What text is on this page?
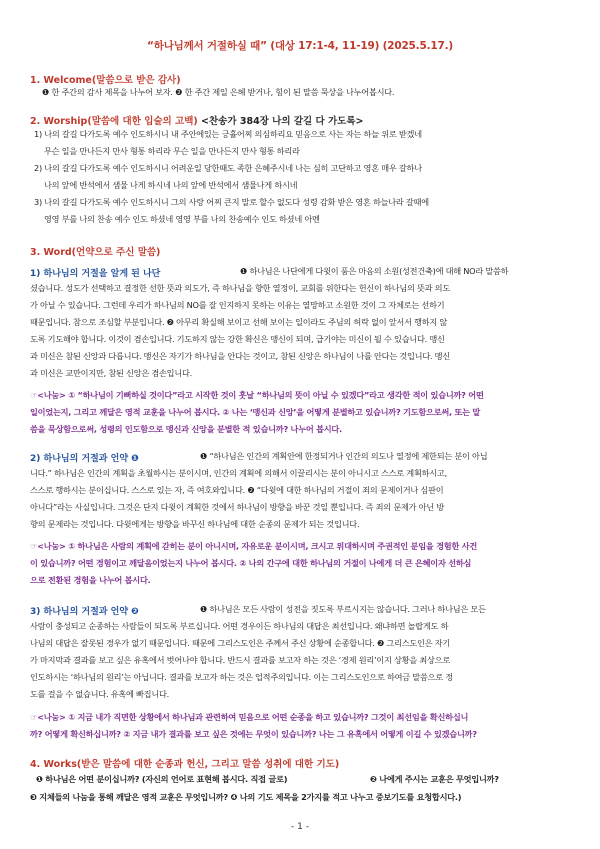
“하나님께서 거절하실 때” (대상 17:1-4, 11-19) (2025.5.17.)
1. Welcome(말씀으로 받은 감사)
❶ 한 주간의 감사 제목을 나누어 보자. ❷ 한 주간 제일 은혜 받거나, 힘이 된 말씀 묵상을 나누어봅시다.
2. Worship(말씀에 대한 입술의 고백) <찬송가 384장 나의 갈길 다 가도록>
1) 나의 갈길 다가도록 예수 인도하시니 내 주안에있는 긍휼어찌 의심하리요 믿음으로 사는 자는 하늘 위로 받겠네
무슨 일을 만나든지 만사 형통 하리라 무슨 일을 만나든지 만사 형통 하리라
2) 나의 갈길 다가도록 예수 인도하시니 어려운일 당한때도 족한 은혜주시네 나는 심히 고단하고 영혼 매우 갈하나
나의 앞에 반석에서 샘물 나게 하시네 나의 앞에 반석에서 샘물나게 하시네
3) 나의 갈길 다가도록 예수 인도하시니 그의 사랑 어찌 큰지 말로 할수 없도다 성령 감화 받은 영혼 하늘나라 갈때에
영영 부를 나의 찬송 예수 인도 하셨네 영영 부를 나의 찬송예수 인도 하셨네 아멘
3. Word(언약으로 주신 말씀)
1) 하나님의 거절을 알게 된 나단	❶ 하나님은 나단에게 다윗이 품은 마음의 소원(성전건축)에 대해 NO라 말씀하
셨습니다. 성도가 선택하고 결정한 선한 뜻과 의도가, 즉 하나님을 향한 열정이, 교회를 위한다는 헌신이 하나님의 뜻과 의도
가 아닐 수 있습니다. 그런데 우리가 하나님의 NO를 잘 인지하지 못하는 이유는 열망하고 소원한 것이 그 자체로는 선하기
때문입니다. 참으로 조심할 부분입니다. ❷ 아무리 확실해 보이고 선해 보이는 일이라도 주님의 허락 없이 앞서서 행하지 않
도록 기도해야 합니다. 이것이 겸손입니다. 기도하지 않는 강한 확신은 맹신이 되며, 급기야는 미신이 될 수 있습니다. 맹신
과 미신은 참된 신앙과 다릅니다. 맹신은 자기가 하나님을 안다는 것이고, 참된 신앙은 하나님이 나를 안다는 것입니다. 맹신
과 미신은 교만이지만, 참된 신앙은 겸손입니다.
☞<나눔> ① “하나님이 기뻐하실 것이다”라고 시작한 것이 훗날 “하나님의 뜻이 아닐 수 있겠다”라고 생각한 적이 있습니까? 어떤
일이었는지, 그리고 깨달은 영적 교훈을 나누어 봅시다. ② 나는 ‘맹신과 신앙’을 어떻게 분별하고 있습니까? 기도함으로써, 또는 말
씀을 묵상함으로써, 성령의 인도함으로 맹신과 신앙을 분별한 적 있습니까? 나누어 봅시다.
2) 하나님의 거절과 언약 ❶	❶ “하나님은 인간의 계획안에 한정되거나 인간의 의도나 열정에 제한되는 분이 아닙
니다.” 하나님은 인간의 계획을 초월하시는 분이시며, 인간의 계획에 의해서 이끌리시는 분이 아니시고 스스로 계획하시고,
스스로 행하시는 분이십니다. 스스로 있는 자, 즉 여호와입니다. ❷ “다윗에 대한 하나님의 거절이 죄의 문제이거나 심판이
아니다”라는 사실입니다. 그것은 단지 다윗이 계획한 것에서 하나님이 방향을 바꾼 것일 뿐입니다. 즉 죄의 문제가 아닌 방
향의 문제라는 것입니다. 다윗에게는 방향을 바꾸신 하나님에 대한 순종의 문제가 되는 것입니다.
☞<나눔> ① 하나님은 사람의 계획에 갇히는 분이 아니시며, 자유로운 분이시며, 크시고 위대하시며 주권적인 분임을 경험한 사건
이 있습니까? 어떤 경험이고 깨달음이었는지 나누어 봅시다. ② 나의 간구에 대한 하나님의 거절이 나에게 더 큰 은혜이자 선하심
으로 전환된 경험을 나누어 봅시다.
3) 하나님의 거절과 언약 ❷	❶ 하나님은 모든 사람이 성전을 짓도록 부르시지는 않습니다. 그러나 하나님은 모든
사람이 충성되고 순종하는 사람들이 되도록 부르십니다. 어떤 경우이든 하나님의 대답은 최선입니다. 왜냐하면 놀랍게도 하
나님의 대답은 잘못된 경우가 없기 때문입니다. 때문에 그리스도인은 주께서 주신 상황에 순종합니다. ❷ 그리스도인은 자기
가 마지막과 결과를 보고 싶은 유혹에서 벗어나야 합니다. 반드시 결과를 보고자 하는 것은 ‘경제 원리’이지 상황을 최상으로
인도하시는 ‘하나님의 원리’는 아닙니다. 결과를 보고자 하는 것은 업적주의입니다. 이는 그리스도인으로 하여금 말씀으로 정
도를 걸을 수 없습니다. 유혹에 빠집니다.
☞<나눔> ① 지금 내가 직면한 상황에서 하나님과 관련하여 믿음으로 어떤 순종을 하고 있습니까? 그것이 최선임을 확신하십니
까? 어떻게 확신하십니까? ② 지금 내가 결과를 보고 싶은 것에는 무엇이 있습니까? 나는 그 유혹에서 어떻게 이길 수 있겠습니까?
4. Works(받은 말씀에 대한 순종과 헌신, 그리고 말씀 성취에 대한 기도)
❶ 하나님은 어떤 분이십니까? (자신의 언어로 표현해 봅시다. 직접 글로)	❷ 나에게 주시는 교훈은 무엇입니까?
❸ 지체들의 나눔을 통해 깨달은 영적 교훈은 무엇입니까? ❹ 나의 기도 제목을 2가지를 적고 나누고 중보기도를 요청합시다.)
- 1 -
